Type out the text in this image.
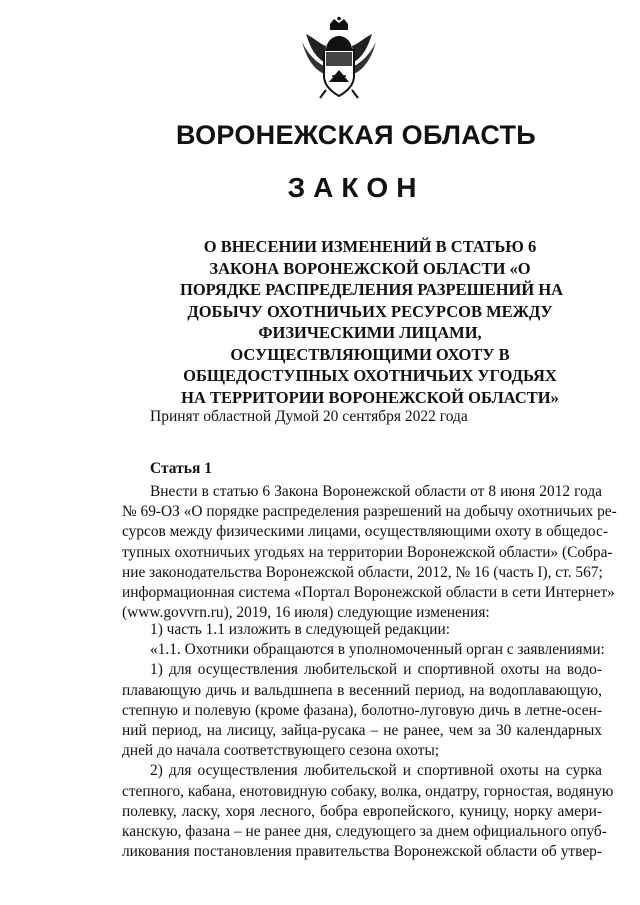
ВОРОНЕЖСКАЯ ОБЛАСТЬ
ЗАКОН
О ВНЕСЕНИИ ИЗМЕНЕНИЙ В СТАТЬЮ 6
ЗАКОНА ВОРОНЕЖСКОЙ ОБЛАСТИ «О
ПОРЯДКЕ РАСПРЕДЕЛЕНИЯ РАЗРЕШЕНИЙ НА
ДОБЫЧУ ОХОТНИЧЬИХ РЕСУРСОВ МЕЖДУ
ФИЗИЧЕСКИМИ ЛИЦАМИ,
ОСУЩЕСТВЛЯЮЩИМИ ОХОТУ В
ОБЩЕДОСТУПНЫХ ОХОТНИЧЬИХ УГОДЬЯХ
НА ТЕРРИТОРИИ ВОРОНЕЖСКОЙ ОБЛАСТИ»
Принят областной Думой 20 сентября 2022 года
Статья 1
Внести в статью 6 Закона Воронежской области от 8 июня 2012 года
№ 69-ОЗ «О порядке распределения разрешений на добычу охотничьих ре-
сурсов между физическими лицами, осуществляющими охоту в общедос-
тупных охотничьих угодьях на территории Воронежской области» (Собра-
ние законодательства Воронежской области, 2012, № 16 (часть I), ст. 567;
информационная система «Портал Воронежской области в сети Интернет»
(www.govvrn.ru), 2019, 16 июля) следующие изменения:
1) часть 1.1 изложить в следующей редакции:
«1.1. Охотники обращаются в уполномоченный орган с заявлениями:
1) для осуществления любительской и спортивной охоты на водо-
плавающую дичь и вальдшнепа в весенний период, на водоплавающую,
степную и полевую (кроме фазана), болотно-луговую дичь в летне-осен-
ний период, на лисицу, зайца-русака – не ранее, чем за 30 календарных
дней до начала соответствующего сезона охоты;
2) для осуществления любительской и спортивной охоты на сурка
степного, кабана, енотовидную собаку, волка, ондатру, горностая, водяную
полевку, ласку, хоря лесного, бобра европейского, куницу, норку амери-
канскую, фазана – не ранее дня, следующего за днем официального опуб-
ликования постановления правительства Воронежской области об утвер-
